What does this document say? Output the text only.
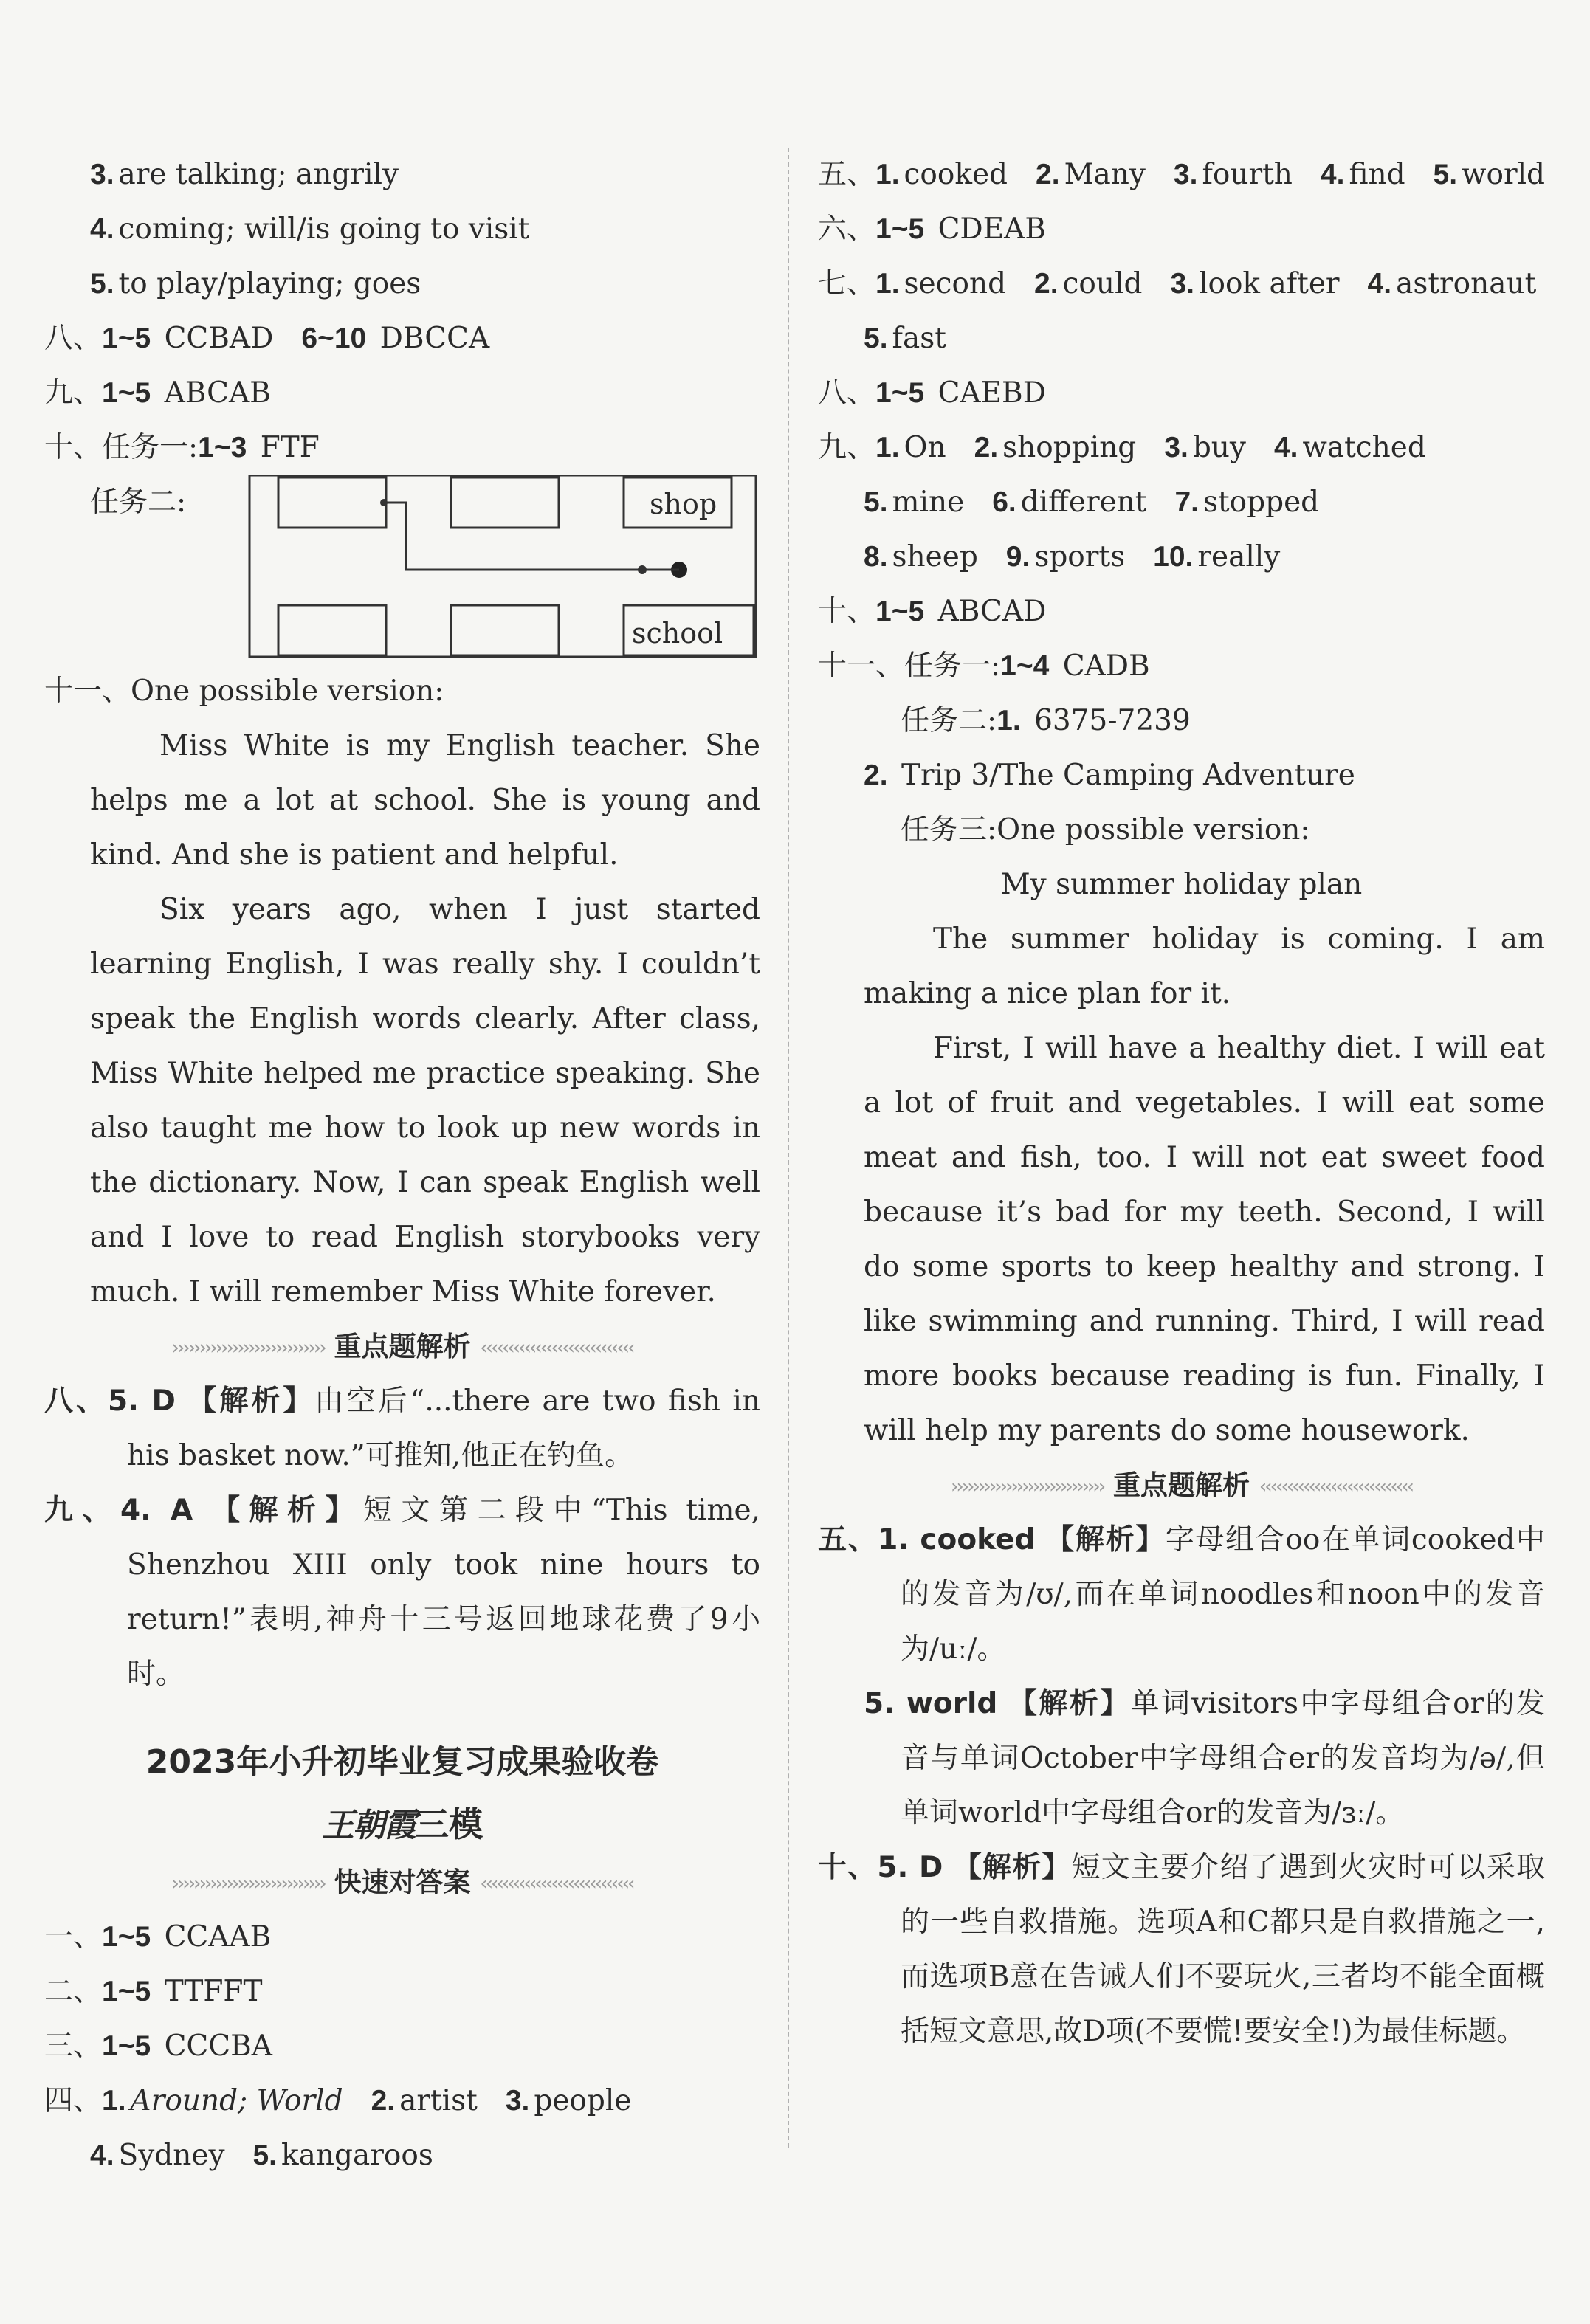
3. are talking; angrily
4. coming; will/is going to visit
5. to play/playing; goes
八、1~5 CCBAD 6~10 DBCCA
九、1~5 ABCAB
十、任务一:1~3 FTF
任务二:	shop
school
十一、One possible version:

Miss White is my English teacher. She helps me a lot at school. She is young and kind. And she is patient and helpful.

Six years ago, when I just started learning English, I was really shy. I couldn’t speak the English words clearly. After class, Miss White helped me practice speaking. She also taught me how to look up new words in the dictionary. Now, I can speak English well and I love to read English storybooks very much. I will remember Miss White forever.

›››››››››››››››››››››››››››› 重点题解析 ‹‹‹‹‹‹‹‹‹‹‹‹‹‹‹‹‹‹‹‹‹‹‹‹‹‹‹‹
八、5. D 【解析】由空后“...there are two fish in his basket now.”可推知,他正在钓鱼。
九、4. A 【解析】短文第二段中“This time, Shenzhou XIII only took nine hours to return!”表明,神舟十三号返回地球花费了9小时。
2023年小升初毕业复习成果验收卷
王朝霞三模
›››››››››››››››››››››››››››› 快速对答案 ‹‹‹‹‹‹‹‹‹‹‹‹‹‹‹‹‹‹‹‹‹‹‹‹‹‹‹‹
一、1~5 CCAAB
二、1~5 TTFFT
三、1~5 CCCBA
四、1. Around; World 2. artist 3. people
4. Sydney 5. kangaroos
五、1. cooked 2. Many 3. fourth 4. find 5. world
六、1~5 CDEAB
七、1. second 2. could 3. look after 4. astronaut
5. fast
八、1~5 CAEBD
九、1. On 2. shopping 3. buy 4. watched
5. mine 6. different 7. stopped
8. sheep 9. sports 10. really
十、1~5 ABCAD
十一、任务一:1~4 CADB
任务二:1. 6375-7239
2. Trip 3/The Camping Adventure
任务三:One possible version:
My summer holiday plan

The summer holiday is coming. I am making a nice plan for it.

First, I will have a healthy diet. I will eat a lot of fruit and vegetables. I will eat some meat and fish, too. I will not eat sweet food because it’s bad for my teeth. Second, I will do some sports to keep healthy and strong. I like swimming and running. Third, I will read more books because reading is fun. Finally, I will help my parents do some housework.

›››››››››››››››››››››››››››› 重点题解析 ‹‹‹‹‹‹‹‹‹‹‹‹‹‹‹‹‹‹‹‹‹‹‹‹‹‹‹‹
五、1. cooked 【解析】字母组合oo在单词cooked中的发音为/ʊ/,而在单词noodles和noon中的发音为/uː/。
5. world 【解析】单词visitors中字母组合or的发音与单词October中字母组合er的发音均为/ə/,但单词world中字母组合or的发音为/ɜː/。
十、5. D 【解析】短文主要介绍了遇到火灾时可以采取的一些自救措施。选项A和C都只是自救措施之一,而选项B意在告诫人们不要玩火,三者均不能全面概括短文意思,故D项(不要慌!要安全!)为最佳标题。
